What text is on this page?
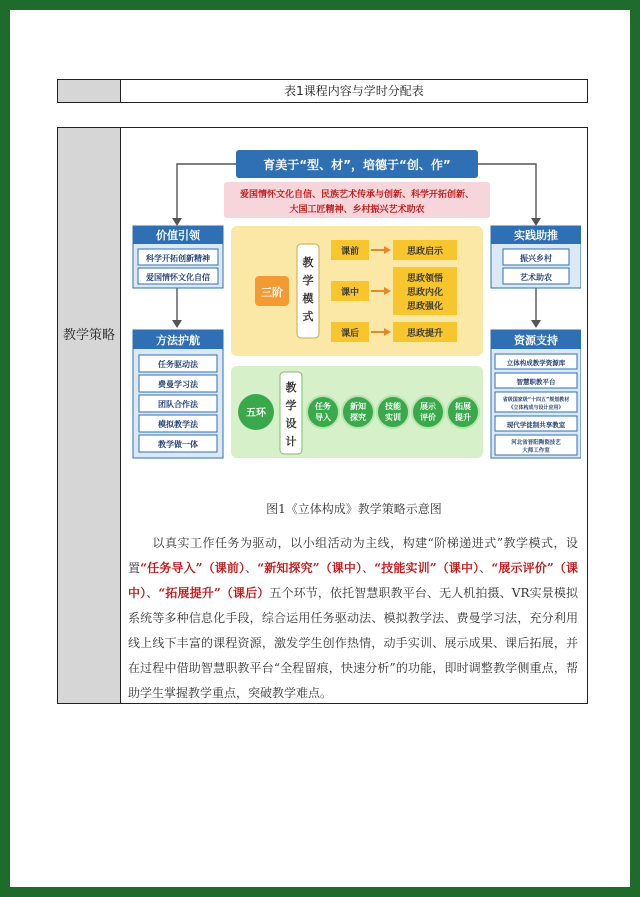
表1课程内容与学时分配表
教学策略
育美于“型、材”，培德于“创、作”
爱国情怀文化自信、民族艺术传承与创新、科学开拓创新、
大国工匠精神、乡村振兴艺术助农
价值引领
科学开拓创新精神
爱国情怀文化自信
方法护航
任务驱动法
费曼学习法
团队合作法
模拟教学法
教学做一体
实践助推
振兴乡村
艺术助农
资源支持
立体构成教学资源库
智慧职教平台
省级国家级“十四五”规划教材
《立体构成与设计应用》
现代学徒制共享教室
河北省晋阳陶瓷技艺
大师工作室
三阶
教
学
模
式
课前	思政启示
课中
思政领悟
思政内化
思政强化
课后	思政提升
五环
教
学
设
计
任务
导入
新知
探究
技能
实训
展示
评价
拓展
提升
图1《立体构成》教学策略示意图
以真实工作任务为驱动，以小组活动为主线，构建“阶梯递进式”教学模式，设置“任务导入”（课前）、“新知探究”（课中）、“技能实训”（课中）、“展示评价”（课中）、“拓展提升”（课后）五个环节，依托智慧职教平台、无人机拍摄、VR实景模拟系统等多种信息化手段，综合运用任务驱动法、模拟教学法、费曼学习法，充分利用线上线下丰富的课程资源，激发学生创作热情，动手实训、展示成果、课后拓展，并在过程中借助智慧职教平台“全程留痕，快速分析”的功能，即时调整教学侧重点，帮助学生掌握教学重点，突破教学难点。
